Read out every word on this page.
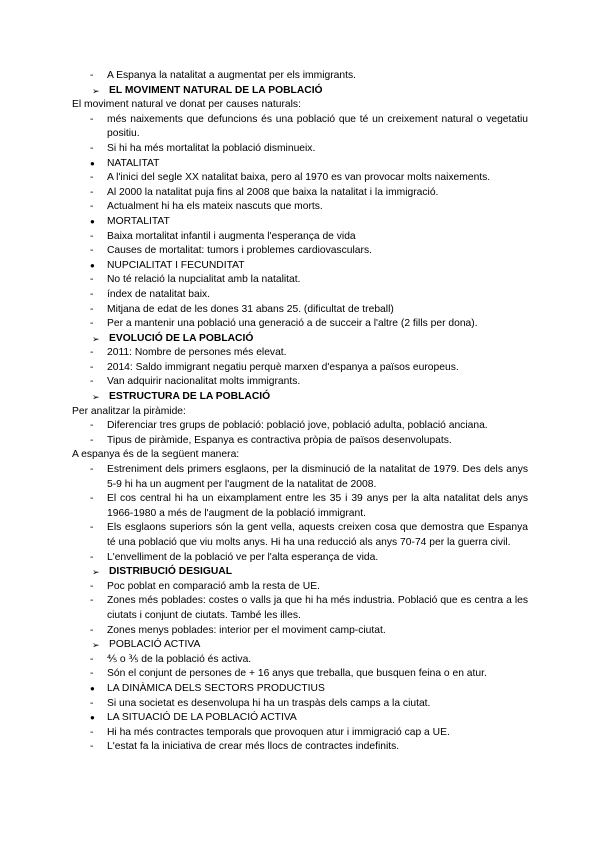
-	A Espanya la natalitat a augmentat per els immigrants.
➢ EL MOVIMENT NATURAL DE LA POBLACIÓ
El moviment natural ve donat per causes naturals:
-	més naixements que defuncions és una població que té un creixement natural o vegetatiu positiu.
-	Si hi ha més mortalitat la població disminueix.
●	NATALITAT
-	A l'inici del segle XX natalitat baixa, pero al 1970 es van provocar molts naixements.
-	Al 2000 la natalitat puja fins al 2008 que baixa la natalitat i la immigració.
-	Actualment hi ha els mateix nascuts que morts.
●	MORTALITAT
-	Baixa mortalitat infantil i augmenta l'esperança de vida
-	Causes de mortalitat: tumors i problemes cardiovasculars.
●	NUPCIALITAT I FECUNDITAT
-	No té relació la nupcialitat amb la natalitat.
-	índex de natalitat baix.
-	Mitjana de edat de les dones 31 abans 25. (dificultat de treball)
-	Per a mantenir una població una generació a de succeir a l'altre (2 fills per dona).
➢ EVOLUCIÓ DE LA POBLACIÓ
-	2011: Nombre de persones més elevat.
-	2014: Saldo immigrant negatiu perquè marxen d'espanya a països europeus.
-	Van adquirir nacionalitat molts immigrants.
➢ ESTRUCTURA DE LA POBLACIÓ
Per analitzar la piràmide:
-	Diferenciar tres grups de població: població jove, població adulta, població anciana.
-	Tipus de piràmide, Espanya es contractiva pròpia de països desenvolupats.
A espanya és de la següent manera:
-	Estreniment dels primers esglaons, per la disminució de la natalitat de 1979. Des dels anys 5-9 hi ha un augment per l'augment de la natalitat de 2008.
-	El cos central hi ha un eixamplament entre les 35 i 39 anys per la alta natalitat dels anys 1966-1980 a més de l'augment de la població immigrant.
-	Els esglaons superiors són la gent vella, aquests creixen cosa que demostra que Espanya té una població que viu molts anys. Hi ha una reducció als anys 70-74 per la guerra civil.
-	L'envelliment de la població ve per l'alta esperança de vida.
➢ DISTRIBUCIÓ DESIGUAL
-	Poc poblat en comparació amb la resta de UE.
-	Zones més poblades: costes o valls ja que hi ha més industria. Població que es centra a les ciutats i conjunt de ciutats. També les illes.
-	Zones menys poblades: interior per el moviment camp-ciutat.
➢ POBLACIÓ ACTIVA
-	⅘ o ⅗ de la població és activa.
-	Són el conjunt de persones de + 16 anys que treballa, que busquen feina o en atur.
●	LA DINÀMICA DELS SECTORS PRODUCTIUS
-	Si una societat es desenvolupa hi ha un traspàs dels camps a la ciutat.
●	LA SITUACIÓ DE LA POBLACIÓ ACTIVA
-	Hi ha més contractes temporals que provoquen atur i immigració cap a UE.
-	L'estat fa la iniciativa de crear més llocs de contractes indefinits.
